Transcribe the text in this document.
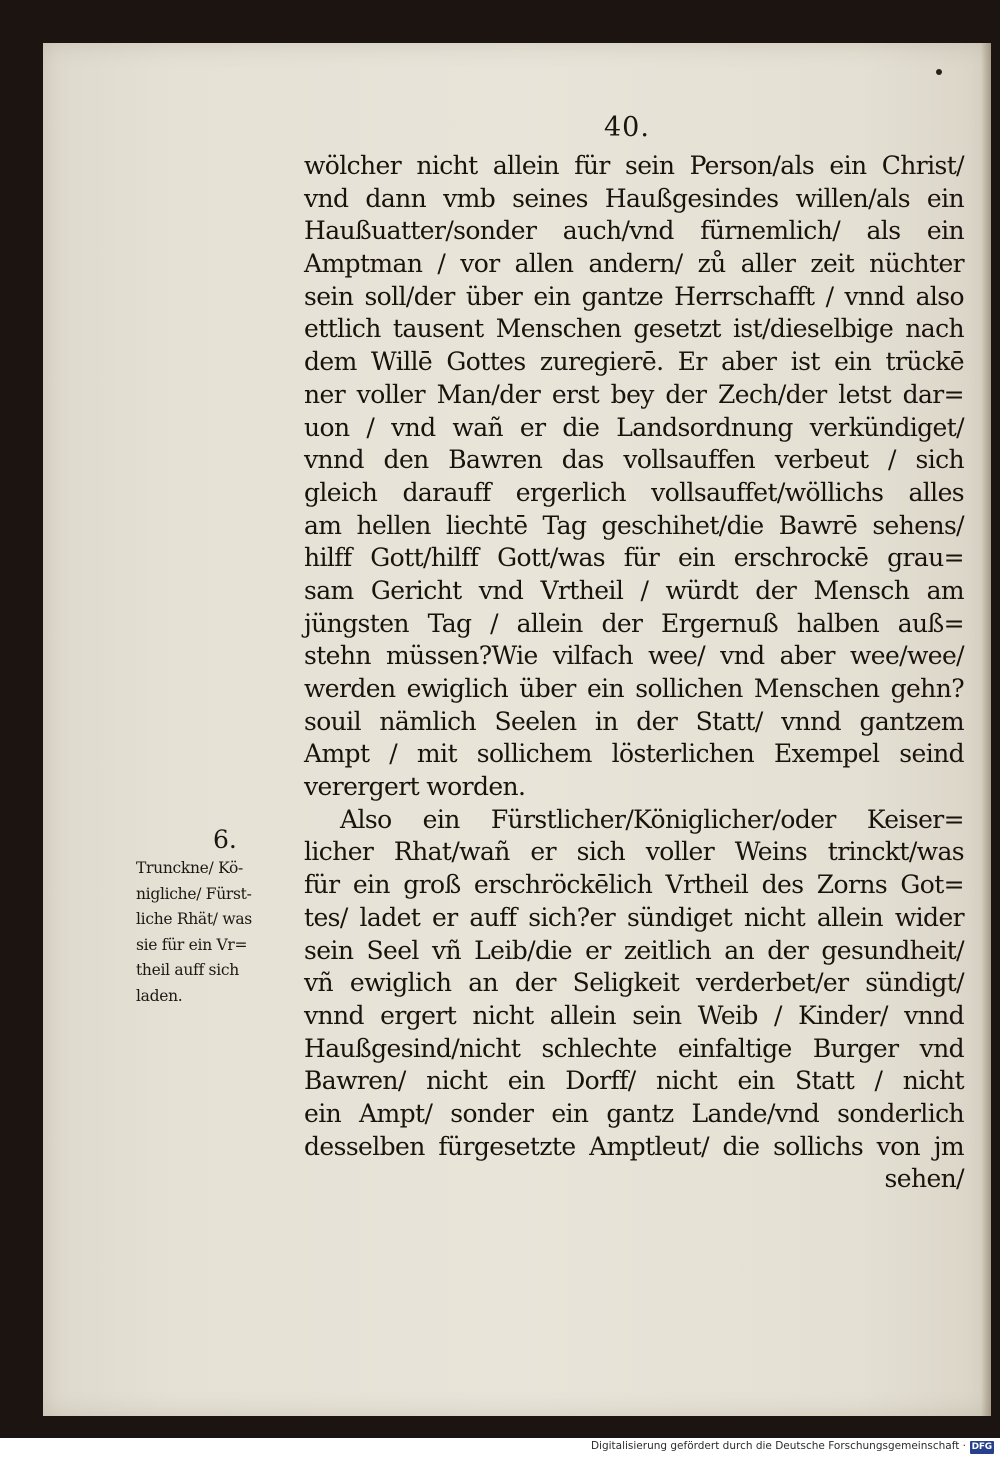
40.
wölcher nicht allein für sein Person/als ein Christ/
vnd dann vmb seines Haußgesindes willen/als ein
Haußuatter/sonder auch/vnd fürnemlich/ als ein
Amptman / vor allen andern/ zů aller zeit nüchter
sein soll/der über ein gantze Herrschafft / vnnd also
ettlich tausent Menschen gesetzt ist/dieselbige nach
dem Willē Gottes zuregierē. Er aber ist ein trückē
ner voller Man/der erst bey der Zech/der letst dar=
uon / vnd wañ er die Landsordnung verkündiget/
vnnd den Bawren das vollsauffen verbeut / sich
gleich darauff ergerlich vollsauffet/wöllichs alles
am hellen liechtē Tag geschihet/die Bawrē sehens/
hilff Gott/hilff Gott/was für ein erschrockē grau=
sam Gericht vnd Vrtheil / würdt der Mensch am
jüngsten Tag / allein der Ergernuß halben auß=
stehn müssen?Wie vilfach wee/ vnd aber wee/wee/
werden ewiglich über ein sollichen Menschen gehn?
souil nämlich Seelen in der Statt/ vnnd gantzem
Ampt / mit sollichem lösterlichen Exempel seind
verergert worden.
Also ein Fürstlicher/Königlicher/oder Keiser=
licher Rhat/wañ er sich voller Weins trinckt/was
für ein groß erschröckēlich Vrtheil des Zorns Got=
tes/ ladet er auff sich?er sündiget nicht allein wider
sein Seel vñ Leib/die er zeitlich an der gesundheit/
vñ ewiglich an der Seligkeit verderbet/er sündigt/
vnnd ergert nicht allein sein Weib / Kinder/ vnnd
Haußgesind/nicht schlechte einfaltige Burger vnd
Bawren/ nicht ein Dorff/ nicht ein Statt / nicht
ein Ampt/ sonder ein gantz Lande/vnd sonderlich
desselben fürgesetzte Amptleut/ die sollichs von jm
sehen/
6.
Trunckne/ Kö-
nigliche/ Fürst-
liche Rhät/ was
sie für ein Vr=
theil auff sich
laden.
Digitalisierung gefördert durch die Deutsche Forschungsgemeinschaft · DFG
